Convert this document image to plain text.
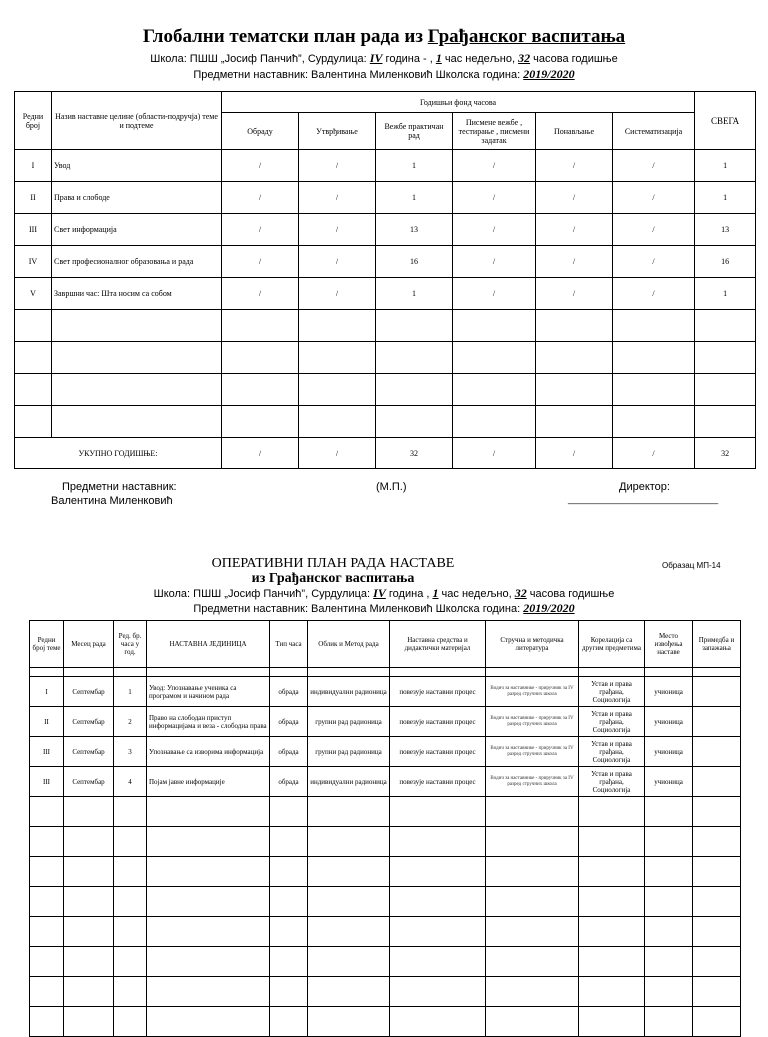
Глобални тематски план рада из Грађанског васпитања
Школа: ПШШ „Јосиф Панчић”, Сурдулица: IV година - , 1 час недељно, 32 часова годишње
Предметни наставник: Валентина Миленковић Школска година: 2019/2020
Редни број	Назив наставне целине (области-подручја) теме и подтеме	Годишњи фонд часова						СВЕГА
		Обраду	Утврђивање	Вежбе практичан рад	Писмене вежбе , тестирање , писмени задатак	Понављање	Систематизација	
I	Увод	/	/	1	/	/	/	1
II	Права и слободе	/	/	1	/	/	/	1
III	Свет информација	/	/	13	/	/	/	13
IV	Свет професионалног образовања и рада	/	/	16	/	/	/	16
V	Завршни час: Шта носим са собом	/	/	1	/	/	/	1

УКУПНО ГОДИШЊЕ:		/	/	32	/	/	/	32
Предметни наставник:
Валентина Миленковић
(М.П.)	Директор:
______________________________
ОПЕРАТИВНИ ПЛАН РАДА НАСТАВЕ
из Грађанског васпитања
Образац МП-14
Школа: ПШШ „Јосиф Панчић”, Сурдулица: IV година , 1 час недељно, 32 часова годишње
Предметни наставник: Валентина Миленковић Школска година: 2019/2020
Редни број теме	Месец рада	Ред. бр. часа у год.	НАСТАВНА ЈЕДИНИЦА	Тип часа	Облик и Метод рада	Наставна средства и дидактички материјал	Стручна и методичка литература	Корелација са другим предметима	Место извођења наставе	Примедба и запажања

I	Септембар	1	Увод: Упознавање ученика са програмом и начином рада	обрада	индивидуални радионица	повезује наставни процес	Водич за наставнике - приручник за IV разред стручних школа	Устав и права грађана, Социологија	учионица	
II	Септембар	2	Право на слободан приступ информацијама и веза - слободна права	обрада	групни рад радионица	повезује наставни процес	Водич за наставнике - приручник за IV разред стручних школа	Устав и права грађана, Социологија	учионица	
III	Септембар	3	Упознавање са изворима информација	обрада	групни рад радионица	повезује наставни процес	Водич за наставнике - приручник за IV разред стручних школа	Устав и права грађана, Социологија	учионица	
III	Септембар	4	Појам јавне информације	обрада	индивидуални радионица	повезује наставни процес	Водич за наставнике - приручник за IV разред стручних школа	Устав и права грађана, Социологија	учионица	
